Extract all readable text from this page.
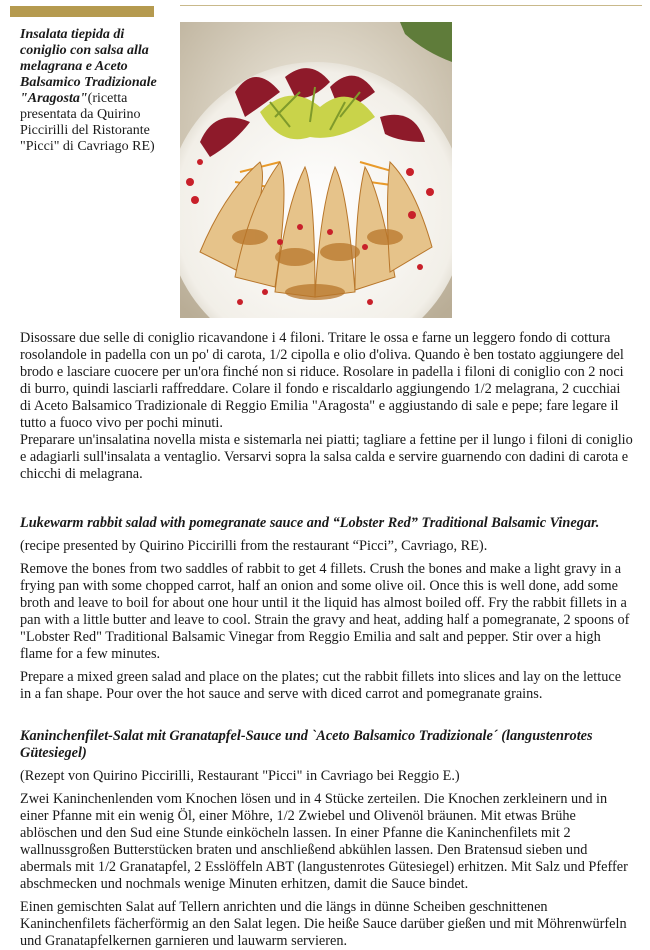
Insalata tiepida di coniglio con salsa alla melagrana e Aceto Balsamico Tradizionale "Aragosta"(ricetta presentata da Quirino Piccirilli del Ristorante "Picci" di Cavriago RE)

Disossare due selle di coniglio ricavandone i 4 filoni. Tritare le ossa e farne un leggero fondo di cottura rosolandole in padella con un po' di carota, 1/2 cipolla e olio d'oliva. Quando è ben tostato aggiungere del brodo e lasciare cuocere per un'ora finché non si riduce. Rosolare in padella i filoni di coniglio con 2 noci di burro, quindi lasciarli raffreddare. Colare il fondo e riscaldarlo aggiungendo 1/2 melagrana, 2 cucchiai di Aceto Balsamico Tradizionale di Reggio Emilia "Aragosta" e aggiustando di sale e pepe; fare legare il tutto a fuoco vivo per pochi minuti.

Preparare un'insalatina novella mista e sistemarla nei piatti; tagliare a fettine per il lungo i filoni di coniglio e adagiarli sull'insalata a ventaglio. Versarvi sopra la salsa calda e servire guarnendo con dadini di carota e chicchi di melagrana.

Lukewarm rabbit salad with pomegranate sauce and “Lobster Red” Traditional Balsamic Vinegar.

(recipe presented by Quirino Piccirilli from the restaurant “Picci”, Cavriago, RE).

Remove the bones from two saddles of rabbit to get 4 fillets. Crush the bones and make a light gravy in a frying pan with some chopped carrot, half an onion and some olive oil. Once this is well done, add some broth and leave to boil for about one hour until it the liquid has almost boiled off. Fry the rabbit fillets in a pan with a little butter and leave to cool. Strain the gravy and heat, adding half a pomegranate, 2 spoons of "Lobster Red" Traditional Balsamic Vinegar from Reggio Emilia and salt and pepper. Stir over a high flame for a few minutes.

Prepare a mixed green salad and place on the plates; cut the rabbit fillets into slices and lay on the lettuce in a fan shape. Pour over the hot sauce and serve with diced carrot and pomegranate grains.

Kaninchenfilet-Salat mit Granatapfel-Sauce und `Aceto Balsamico Tradizionale´ (langustenrotes Gütesiegel)

(Rezept von Quirino Piccirilli, Restaurant "Picci" in Cavriago bei Reggio E.)

Zwei Kaninchenlenden vom Knochen lösen und in 4 Stücke zerteilen. Die Knochen zerkleinern und in einer Pfanne mit ein wenig Öl, einer Möhre, 1/2 Zwiebel und Olivenöl bräunen. Mit etwas Brühe ablöschen und den Sud eine Stunde einköcheln lassen. In einer Pfanne die Kaninchenfilets mit 2 wallnussgroßen Butterstücken braten und anschließend abkühlen lassen. Den Bratensud sieben und abermals mit 1/2 Granatapfel, 2 Esslöffeln ABT (langustenrotes Gütesiegel) erhitzen. Mit Salz und Pfeffer abschmecken und nochmals wenige Minuten erhitzen, damit die Sauce bindet.

Einen gemischten Salat auf Tellern anrichten und die längs in dünne Scheiben geschnittenen Kaninchenfilets fächerförmig an den Salat legen. Die heiße Sauce darüber gießen und mit Möhrenwürfeln und Granatapfelkernen garnieren und lauwarm servieren.
